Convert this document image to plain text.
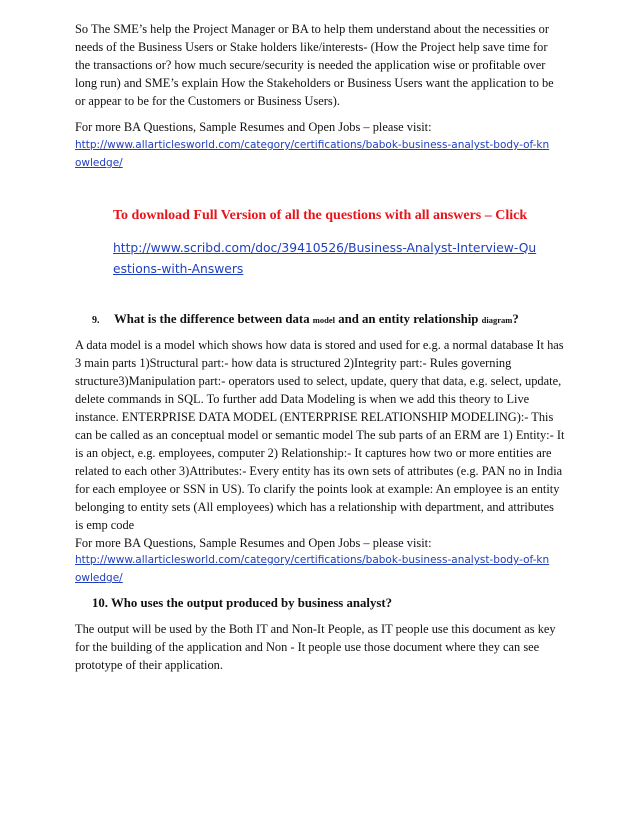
So The SME’s help the Project Manager or BA to help them understand about the necessities or needs of the Business Users or Stake holders like/interests- (How the Project help save time for the transactions or? how much secure/security is needed the application wise or profitable over long run) and SME’s explain How the Stakeholders or Business Users want the application to be or appear to be for the Customers or Business Users).
For more BA Questions, Sample Resumes and Open Jobs – please visit:
http://www.allarticlesworld.com/category/certifications/babok-business-analyst-body-of-knowledge/
To download Full Version of all the questions with all answers – Click
http://www.scribd.com/doc/39410526/Business-Analyst-Interview-Questions-with-Answers
9. What is the difference between data model and an entity relationship diagram?
A data model is a model which shows how data is stored and used for e.g. a normal database It has 3 main parts 1)Structural part:- how data is structured 2)Integrity part:- Rules governing structure3)Manipulation part:- operators used to select, update, query that data, e.g. select, update, delete commands in SQL. To further add Data Modeling is when we add this theory to Live instance. ENTERPRISE DATA MODEL (ENTERPRISE RELATIONSHIP MODELING):- This can be called as an conceptual model or semantic model The sub parts of an ERM are 1) Entity:- It is an object, e.g. employees, computer 2) Relationship:- It captures how two or more entities are related to each other 3)Attributes:- Every entity has its own sets of attributes (e.g. PAN no in India for each employee or SSN in US). To clarify the points look at example: An employee is an entity belonging to entity sets (All employees) which has a relationship with department, and attributes is emp code
For more BA Questions, Sample Resumes and Open Jobs – please visit:
http://www.allarticlesworld.com/category/certifications/babok-business-analyst-body-of-knowledge/
10. Who uses the output produced by business analyst?
The output will be used by the Both IT and Non-It People, as IT people use this document as key for the building of the application and Non - It people use those document where they can see prototype of their application.
